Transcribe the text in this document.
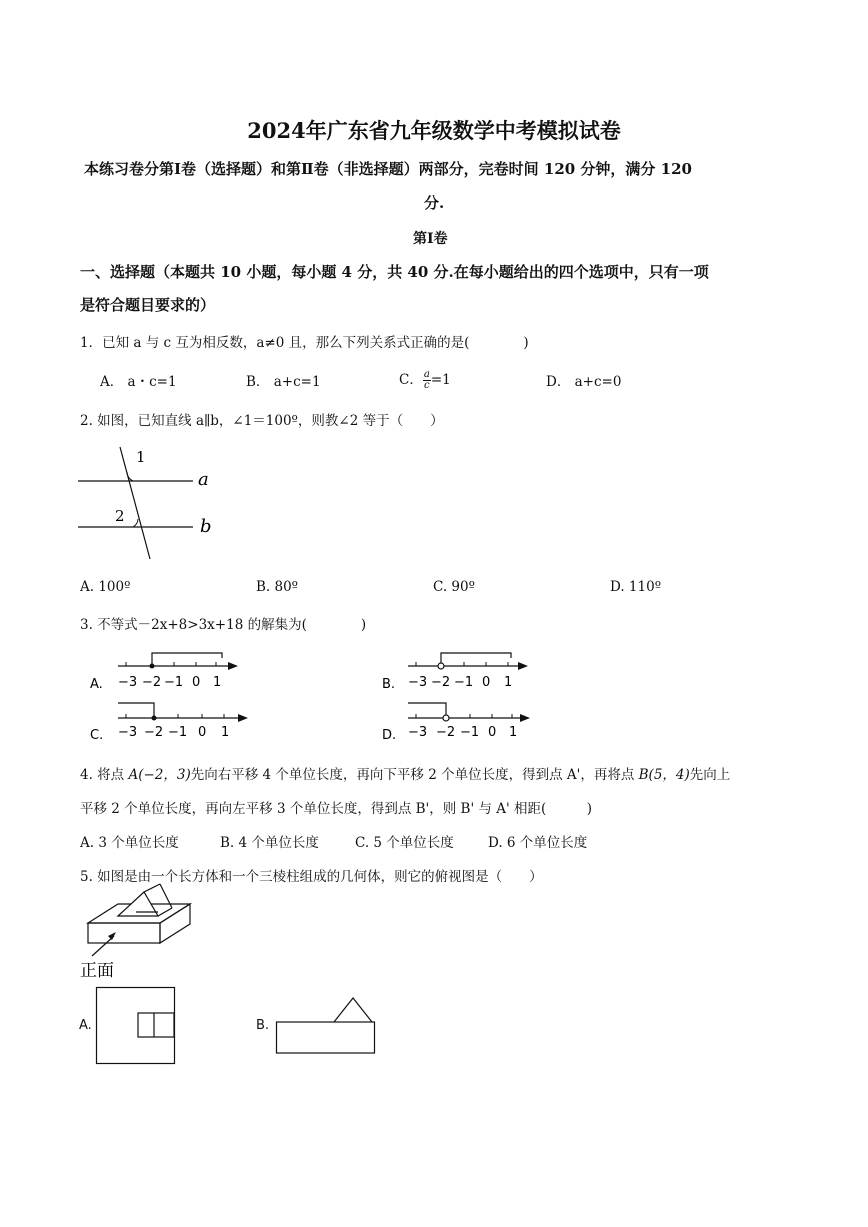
2024年广东省九年级数学中考模拟试卷
本练习卷分第Ⅰ卷（选择题）和第Ⅱ卷（非选择题）两部分，完卷时间 120 分钟，满分 120
分.
第Ⅰ卷
一、选择题（本题共 10 小题，每小题 4 分，共 40 分.在每小题给出的四个选项中，只有一项
是符合题目要求的）
1．已知 a 与 c 互为相反数，a≠0 且，那么下列关系式正确的是(　　　　)
A． a・c=1	B． a+c=1	C． $\frac{a}{c} =1$	D． a+c=0
2. 如图，已知直线 a∥b，∠1＝100º，则教∠2 等于（　　）
1
2
a
b
A. 100º	B. 80º	C. 90º	D. 110º
3. 不等式－2x+8>3x+18 的解集为(　　　　)
A. −3 −2 −1 0 1	B. −3 −2 −1 0 1
C. −3 −2 −1 0 1	D. −3 −2 −1 0 1
4. 将点 A(−2，3)先向右平移 4 个单位长度，再向下平移 2 个单位长度，得到点 A'，再将点 B(5，4)先向上
平移 2 个单位长度，再向左平移 3 个单位长度，得到点 B'，则 B' 与 A' 相距(　　　)
A. 3 个单位长度	B. 4 个单位长度	C. 5 个单位长度	D. 6 个单位长度
5. 如图是由一个长方体和一个三棱柱组成的几何体，则它的俯视图是（　　）
正面
A.	B.
